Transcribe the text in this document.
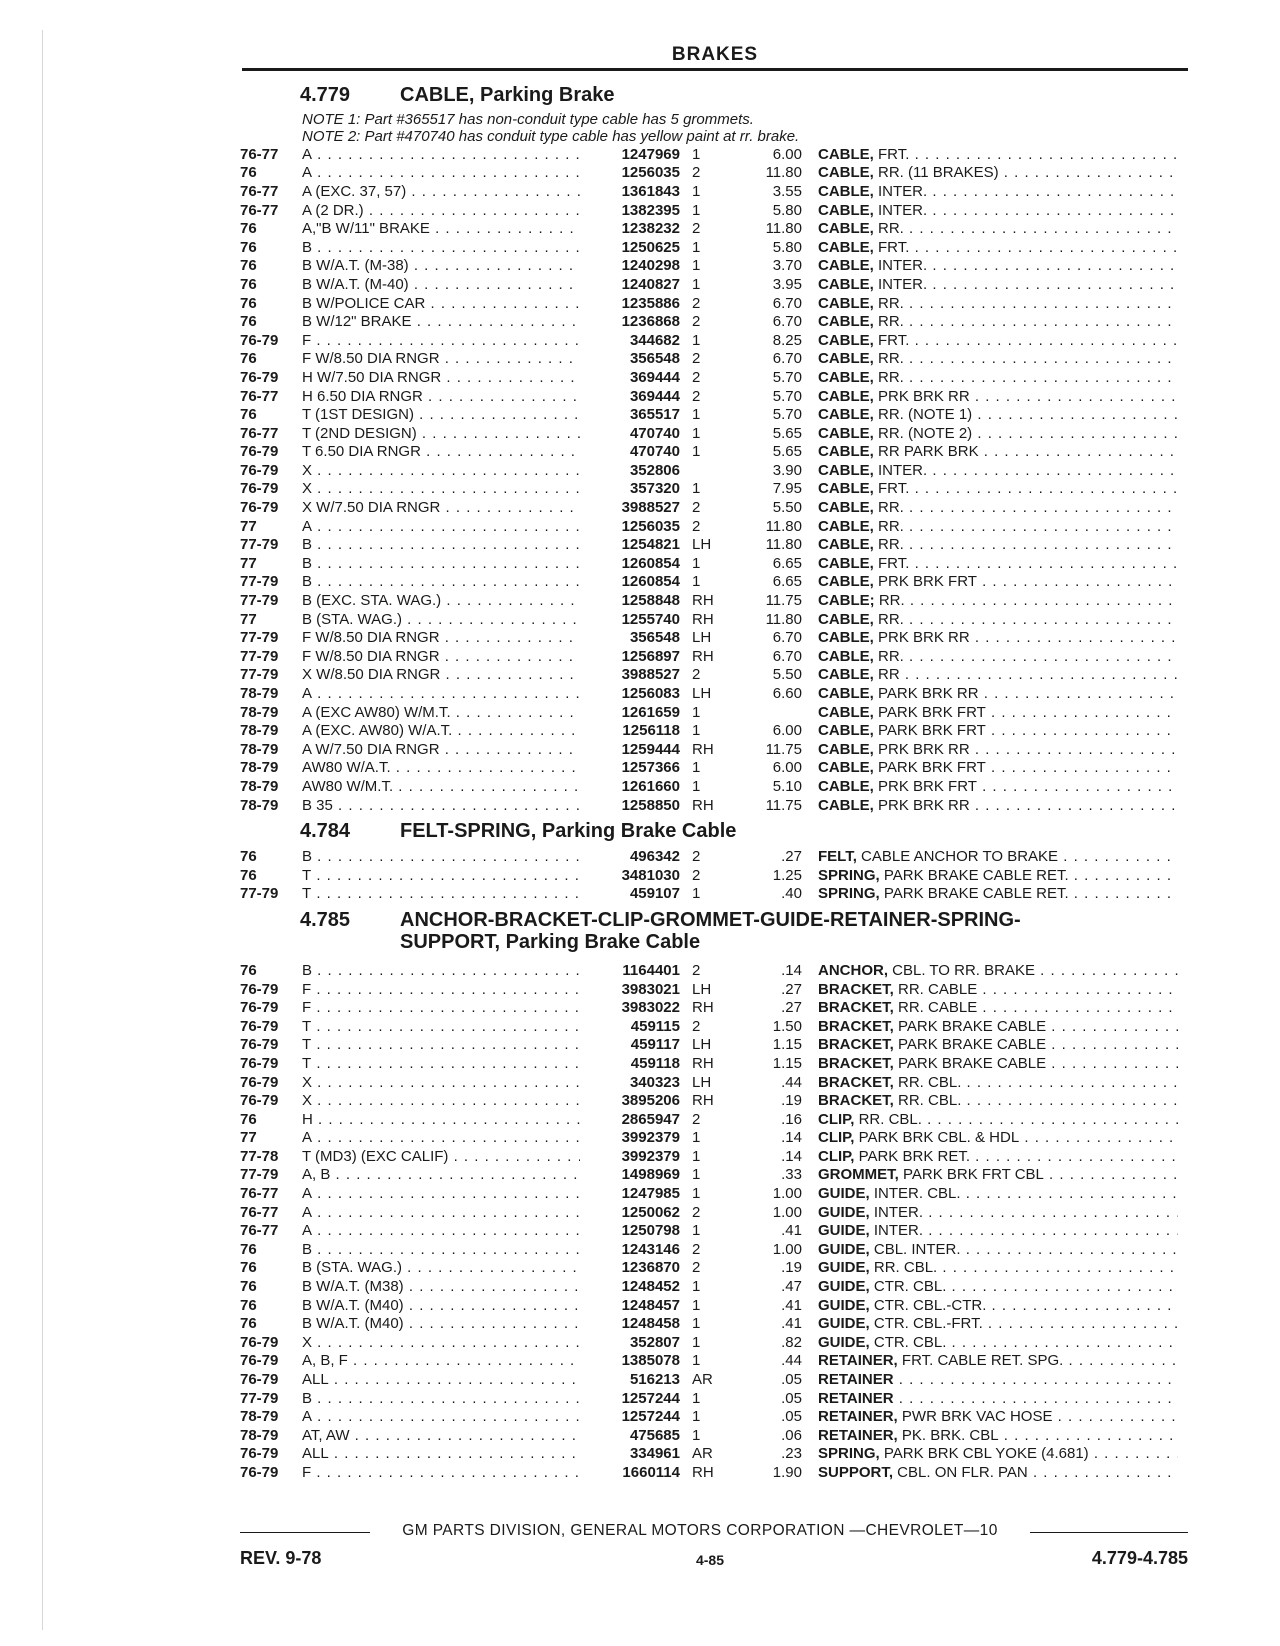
BRAKES
4.779	CABLE, Parking Brake
NOTE 1: Part #365517 has non-conduit type cable has 5 grommets.
NOTE 2: Part #470740 has conduit type cable has yellow paint at rr. brake.
76-77	A . . .	1247969 1	6.00	CABLE, FRT. . . .
76	A . . .	1256035 2	11.80	CABLE, RR. (11 BRAKES) . . .
76-77	A (EXC. 37, 57) . . .	1361843 1	3.55	CABLE, INTER. . . .
76-77	A (2 DR.) . . .	1382395 1	5.80	CABLE, INTER. . . .
76	A,"B W/11" BRAKE . . .	1238232 2	11.80	CABLE, RR. . . .
76	B . . .	1250625 1	5.80	CABLE, FRT. . . .
76	B W/A.T. (M-38) . . .	1240298 1	3.70	CABLE, INTER. . . .
76	B W/A.T. (M-40) . . .	1240827 1	3.95	CABLE, INTER. . . .
76	B W/POLICE CAR . . .	1235886 2	6.70	CABLE, RR. . . .
76	B W/12" BRAKE . . .	1236868 2	6.70	CABLE, RR. . . .
76-79	F . . .	344682 1	8.25	CABLE, FRT. . . .
76	F W/8.50 DIA RNGR . . .	356548 2	6.70	CABLE, RR. . . .
76-79	H W/7.50 DIA RNGR . . .	369444 2	5.70	CABLE, RR. . . .
76-77	H 6.50 DIA RNGR . . .	369444 2	5.70	CABLE, PRK BRK RR . . .
76	T (1ST DESIGN) . . .	365517 1	5.70	CABLE, RR. (NOTE 1) . . .
76-77	T (2ND DESIGN) . . .	470740 1	5.65	CABLE, RR. (NOTE 2) . . .
76-79	T 6.50 DIA RNGR . . .	470740 1	5.65	CABLE, RR PARK BRK . . .
76-79	X . . .	352806	3.90	CABLE, INTER. . . .
76-79	X . . .	357320 1	7.95	CABLE, FRT. . . .
76-79	X W/7.50 DIA RNGR . . .	3988527 2	5.50	CABLE, RR. . . .
77	A . . .	1256035 2	11.80	CABLE, RR. . . .
77-79	B . . .	1254821 LH	11.80	CABLE, RR. . . .
77	B . . .	1260854 1	6.65	CABLE, FRT. . . .
77-79	B . . .	1260854 1	6.65	CABLE, PRK BRK FRT . . .
77-79	B (EXC. STA. WAG.) . . .	1258848 RH	11.75	CABLE; RR. . . .
77	B (STA. WAG.) . . .	1255740 RH	11.80	CABLE, RR. . . .
77-79	F W/8.50 DIA RNGR . . .	356548 LH	6.70	CABLE, PRK BRK RR . . .
77-79	F W/8.50 DIA RNGR . . .	1256897 RH	6.70	CABLE, RR. . . .
77-79	X W/8.50 DIA RNGR . . .	3988527 2	5.50	CABLE, RR . . .
78-79	A . . .	1256083 LH	6.60	CABLE, PARK BRK RR . . .
78-79	A (EXC AW80) W/M.T. . . .	1261659 1	CABLE, PARK BRK FRT . . .
78-79	A (EXC. AW80) W/A.T. . . .	1256118 1	6.00	CABLE, PARK BRK FRT . . .
78-79	A W/7.50 DIA RNGR . . .	1259444 RH	11.75	CABLE, PRK BRK RR . . .
78-79	AW80 W/A.T. . . .	1257366 1	6.00	CABLE, PARK BRK FRT . . .
78-79	AW80 W/M.T. . . .	1261660 1	5.10	CABLE, PRK BRK FRT . . .
78-79	B 35 . . .	1258850 RH	11.75	CABLE, PRK BRK RR . . .
4.784	FELT-SPRING, Parking Brake Cable
76	B . . .	496342 2	.27	FELT, CABLE ANCHOR TO BRAKE . . .
76	T . . .	3481030 2	1.25	SPRING, PARK BRAKE CABLE RET. . . .
77-79	T . . .	459107 1	.40	SPRING, PARK BRAKE CABLE RET. . . .
4.785	ANCHOR-BRACKET-CLIP-GROMMET-GUIDE-RETAINER-SPRING-
SUPPORT, Parking Brake Cable
76	B . . .	1164401 2	.14	ANCHOR, CBL. TO RR. BRAKE . . .
76-79	F . . .	3983021 LH	.27	BRACKET, RR. CABLE . . .
76-79	F . . .	3983022 RH	.27	BRACKET, RR. CABLE . . .
76-79	T . . .	459115 2	1.50	BRACKET, PARK BRAKE CABLE . . .
76-79	T . . .	459117 LH	1.15	BRACKET, PARK BRAKE CABLE . . .
76-79	T . . .	459118 RH	1.15	BRACKET, PARK BRAKE CABLE . . .
76-79	X . . .	340323 LH	.44	BRACKET, RR. CBL. . . .
76-79	X . . .	3895206 RH	.19	BRACKET, RR. CBL. . . .
76	H . . .	2865947 2	.16	CLIP, RR. CBL. . . .
77	A . . .	3992379 1	.14	CLIP, PARK BRK CBL. & HDL . . .
77-78	T (MD3) (EXC CALIF) . . .	3992379 1	.14	CLIP, PARK BRK RET. . . .
77-79	A, B . . .	1498969 1	.33	GROMMET, PARK BRK FRT CBL . . .
76-77	A . . .	1247985 1	1.00	GUIDE, INTER. CBL. . . .
76-77	A . . .	1250062 2	1.00	GUIDE, INTER. . . .
76-77	A . . .	1250798 1	.41	GUIDE, INTER. . . .
76	B . . .	1243146 2	1.00	GUIDE, CBL. INTER. . . .
76	B (STA. WAG.) . . .	1236870 2	.19	GUIDE, RR. CBL. . . .
76	B W/A.T. (M38) . . .	1248452 1	.47	GUIDE, CTR. CBL. . . .
76	B W/A.T. (M40) . . .	1248457 1	.41	GUIDE, CTR. CBL.-CTR. . . .
76	B W/A.T. (M40) . . .	1248458 1	.41	GUIDE, CTR. CBL.-FRT. . . .
76-79	X . . .	352807 1	.82	GUIDE, CTR. CBL. . . .
76-79	A, B, F . . .	1385078 1	.44	RETAINER, FRT. CABLE RET. SPG. . . .
76-79	ALL . . .	516213 AR	.05	RETAINER . . .
77-79	B . . .	1257244 1	.05	RETAINER . . .
78-79	A . . .	1257244 1	.05	RETAINER, PWR BRK VAC HOSE . . .
78-79	AT, AW . . .	475685 1	.06	RETAINER, PK. BRK. CBL . . .
76-79	ALL . . .	334961 AR	.23	SPRING, PARK BRK CBL YOKE (4.681) . . .
76-79	F . . .	1660114 RH	1.90	SUPPORT, CBL. ON FLR. PAN . . .
GM PARTS DIVISION, GENERAL MOTORS CORPORATION —CHEVROLET—10
REV. 9-78	4-85	4.779-4.785
